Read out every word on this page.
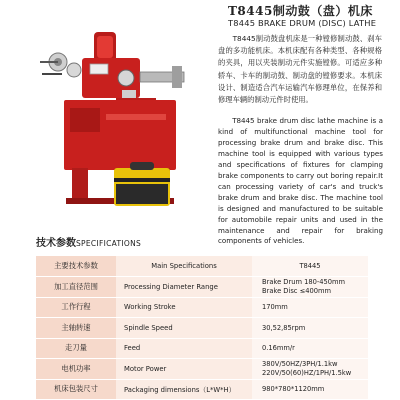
T8445制动鼓（盘）机床
T8445 BRAKE DRUM (DISC) LATHE
T8445制动鼓盘机床是一种镗修制动鼓、刹车盘的多功能机床。本机床配有各种类型、各种规格的夹具，用以夹装制动元件实施镗修。可适应多种轿车、卡车的制动鼓、制动盘的镗修要求。本机床设计、制造适合汽车运输汽车修理单位，在保养和修理车辆的制动元件时使用。
T8445 brake drum disc lathe machine is a kind of multifunctional machine tool for processing brake drum and brake disc. This machine tool is equipped with various types and specifications of fixtures for clamping brake components to carry out boring repair.It can processing variety of car's and truck's brake drum and brake disc. The machine tool is designed and manufactured to be suitable for automobile repair units and used in the maintenance and repair for braking components of vehicles.
技术参数SPECIFICATIONS
主要技术参数	Main Specifications	T8445
加工直径范围	Processing Diameter Range	Brake Drum 180-450mm
Brake Disc ≤400mm

工作行程	Working Stroke	170mm
主轴转速	Spindle Speed	30,52,85rpm
走刀量	Feed	0.16mm/r
电机功率	Motor Power	380V/50HZ/3PH/1.1kw
220V/50(60)HZ/1PH/1.5kw

机床包装尺寸	Packaging dimensions（L*W*H）	980*780*1120mm
